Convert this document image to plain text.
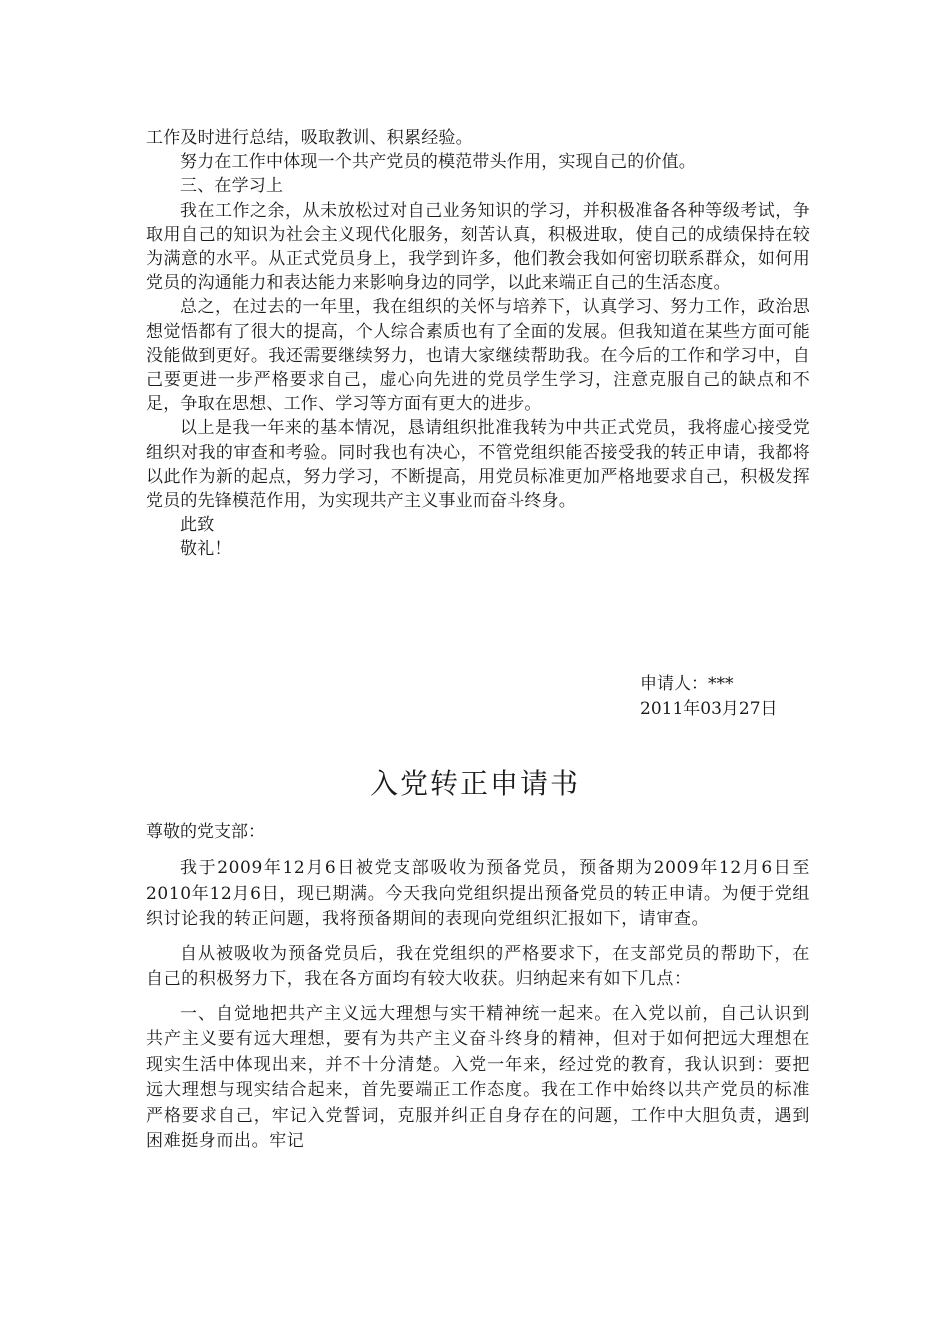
工作及时进行总结，吸取教训、积累经验。

努力在工作中体现一个共产党员的模范带头作用，实现自己的价值。

三、在学习上

我在工作之余，从未放松过对自己业务知识的学习，并积极准备各种等级考试，争取用自己的知识为社会主义现代化服务，刻苦认真，积极进取，使自己的成绩保持在较为满意的水平。从正式党员身上，我学到许多，他们教会我如何密切联系群众，如何用党员的沟通能力和表达能力来影响身边的同学，以此来端正自己的生活态度。

总之，在过去的一年里，我在组织的关怀与培养下，认真学习、努力工作，政治思想觉悟都有了很大的提高，个人综合素质也有了全面的发展。但我知道在某些方面可能没能做到更好。我还需要继续努力，也请大家继续帮助我。在今后的工作和学习中，自己要更进一步严格要求自己，虚心向先进的党员学生学习，注意克服自己的缺点和不足，争取在思想、工作、学习等方面有更大的进步。

以上是我一年来的基本情况，恳请组织批准我转为中共正式党员，我将虚心接受党组织对我的审查和考验。同时我也有决心，不管党组织能否接受我的转正申请，我都将以此作为新的起点，努力学习，不断提高，用党员标准更加严格地要求自己，积极发挥党员的先锋模范作用，为实现共产主义事业而奋斗终身。

此致

敬礼！

申请人：***
2011年03月27日
入党转正申请书
尊敬的党支部：

我于2009年12月6日被党支部吸收为预备党员，预备期为2009年12月6日至2010年12月6日，现已期满。今天我向党组织提出预备党员的转正申请。为便于党组织讨论我的转正问题，我将预备期间的表现向党组织汇报如下，请审查。

自从被吸收为预备党员后，我在党组织的严格要求下，在支部党员的帮助下，在自己的积极努力下，我在各方面均有较大收获。归纳起来有如下几点：

一、自觉地把共产主义远大理想与实干精神统一起来。在入党以前，自己认识到共产主义要有远大理想，要有为共产主义奋斗终身的精神，但对于如何把远大理想在现实生活中体现出来，并不十分清楚。入党一年来，经过党的教育，我认识到：要把远大理想与现实结合起来，首先要端正工作态度。我在工作中始终以共产党员的标准严格要求自己，牢记入党誓词，克服并纠正自身存在的问题，工作中大胆负责，遇到困难挺身而出。牢记
